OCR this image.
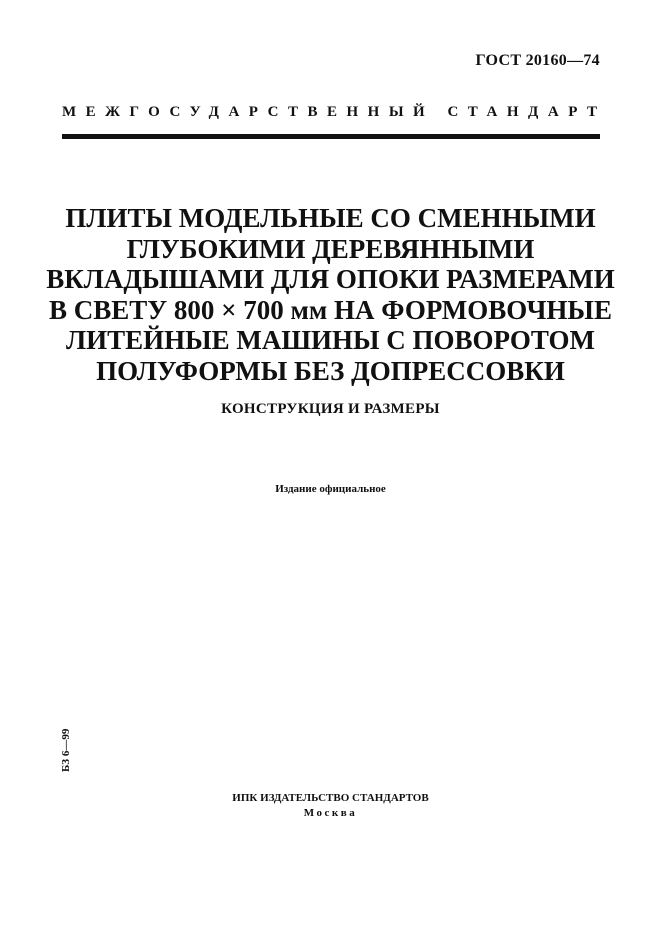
ГОСТ 20160—74
МЕЖГОСУДАРСТВЕННЫЙ СТАНДАРТ
ПЛИТЫ МОДЕЛЬНЫЕ СО СМЕННЫМИ
ГЛУБОКИМИ ДЕРЕВЯННЫМИ
ВКЛАДЫШАМИ ДЛЯ ОПОКИ РАЗМЕРАМИ
В СВЕТУ 800 × 700 мм НА ФОРМОВОЧНЫЕ
ЛИТЕЙНЫЕ МАШИНЫ С ПОВОРОТОМ
ПОЛУФОРМЫ БЕЗ ДОПРЕССОВКИ
КОНСТРУКЦИЯ И РАЗМЕРЫ
Издание официальное
БЗ 6—99
ИПК ИЗДАТЕЛЬСТВО СТАНДАРТОВ
Москва
